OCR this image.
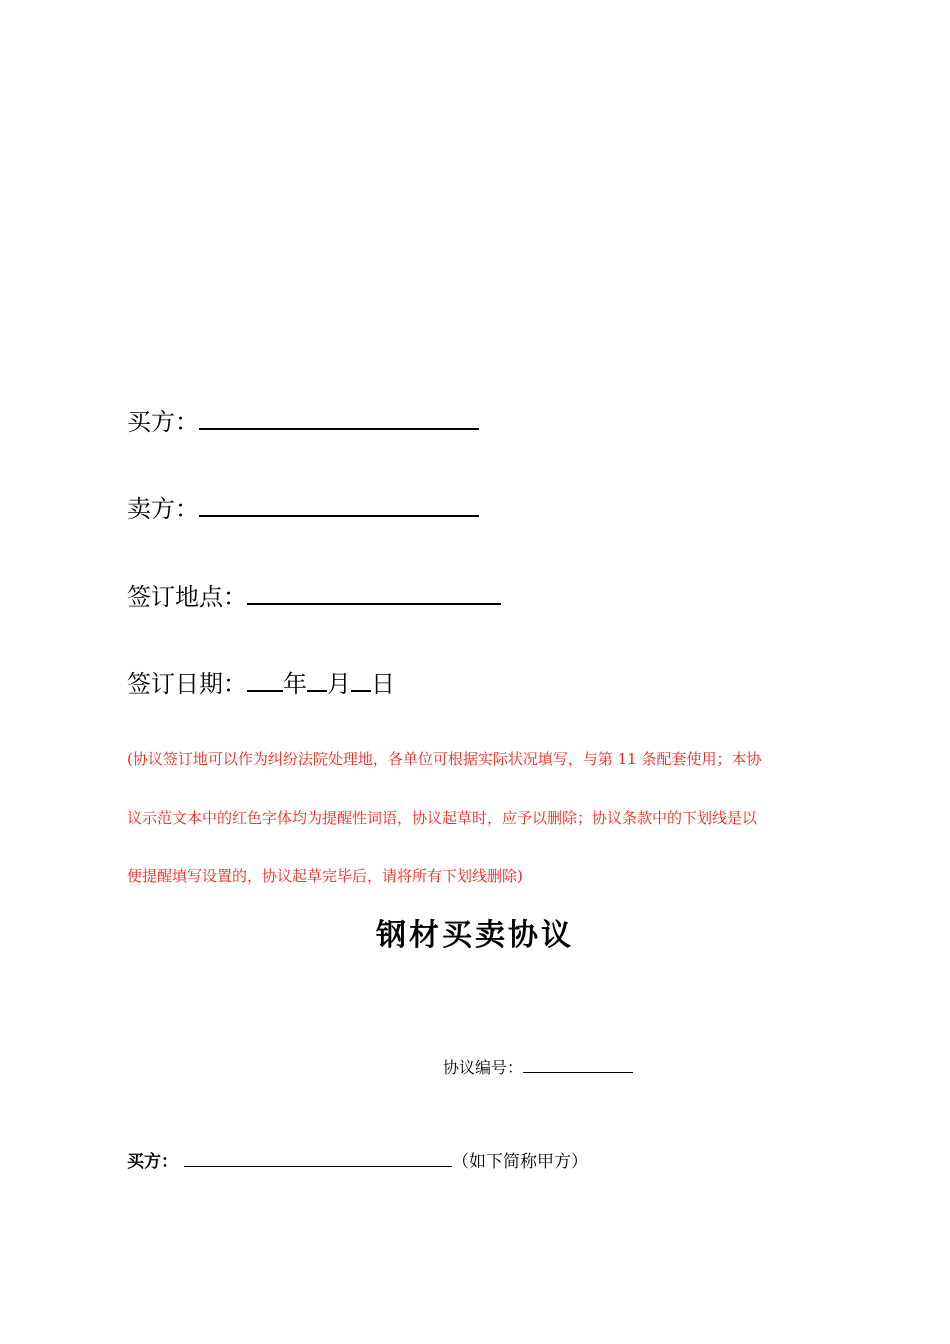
买方：
卖方：
签订地点：
签订日期： 年 月 日

(协议签订地可以作为纠纷法院处理地，各单位可根据实际状况填写，与第 11 条配套使用；本协

议示范文本中的红色字体均为提醒性词语，协议起草时，应予以删除；协议条款中的下划线是以

便提醒填写设置的，协议起草完毕后，请将所有下划线删除)

钢材买卖协议
协议编号：
买方：	（如下简称甲方）
